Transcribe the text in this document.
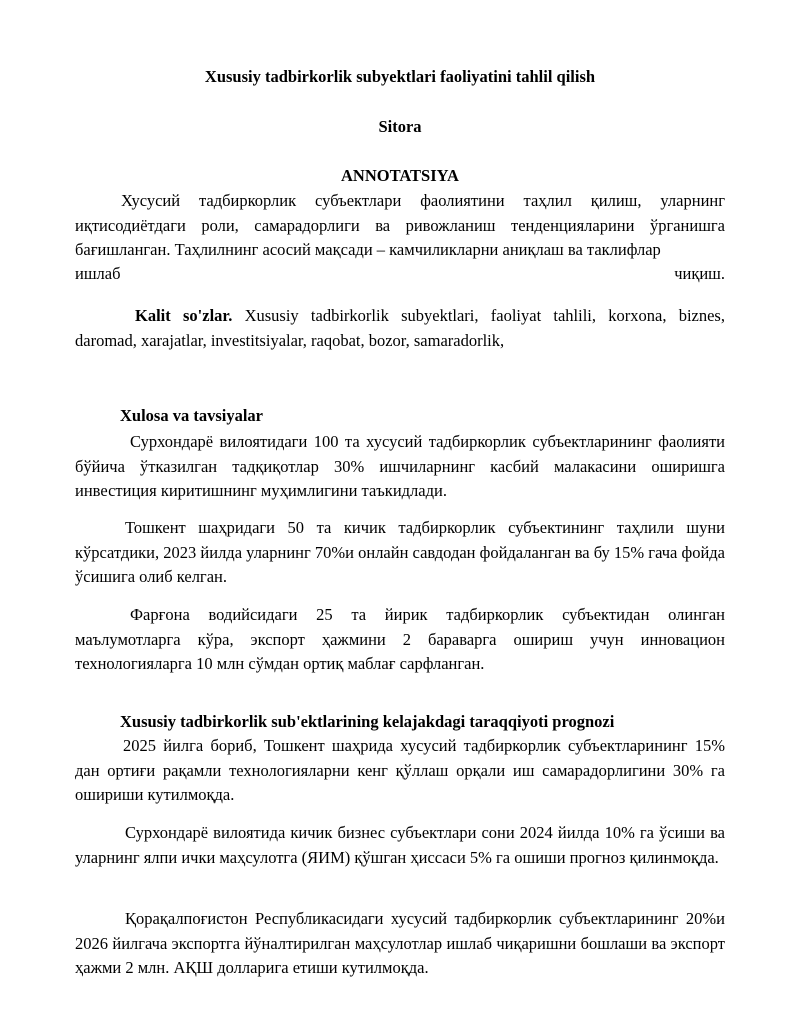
Xususiy tadbirkorlik subyektlari faoliyatini tahlil qilish

Sitora

ANNOTATSIYA

Хусусий тадбиркорлик субъектлари фаолиятини таҳлил қилиш, уларнинг иқтисодиётдаги роли, самарадорлиги ва ривожланиш тенденцияларини ўрганишга бағишланган. Таҳлилнинг асосий мақсади – камчиликларни аниқлаш ва таклифлар

ишлаб	чиқиш.

Kalit so'zlar. Xususiy tadbirkorlik subyektlari, faoliyat tahlili, korxona, biznes, daromad, xarajatlar, investitsiyalar, raqobat, bozor, samaradorlik,

Xulosa va tavsiyalar

Сурхондарё вилоятидаги 100 та хусусий тадбиркорлик субъектларининг фаолияти бўйича ўтказилган тадқиқотлар 30% ишчиларнинг касбий малакасини оширишга инвестиция киритишнинг муҳимлигини таъкидлади.

Тошкент шаҳридаги 50 та кичик тадбиркорлик субъектининг таҳлили шуни кўрсатдики, 2023 йилда уларнинг 70%и онлайн савдодан фойдаланган ва бу 15% гача фойда ўсишига олиб келган.

Фарғона водийсидаги 25 та йирик тадбиркорлик субъектидан олинган маълумотларга кўра, экспорт ҳажмини 2 бараварга ошириш учун инновацион технологияларга 10 млн сўмдан ортиқ маблағ сарфланган.

Xususiy tadbirkorlik sub'ektlarining kelajakdagi taraqqiyoti prognozi

2025 йилга бориб, Тошкент шаҳрида хусусий тадбиркорлик субъектларининг 15% дан ортиғи рақамли технологияларни кенг қўллаш орқали иш самарадорлигини 30% га ошириши кутилмоқда.

Сурхондарё вилоятида кичик бизнес субъектлари сони 2024 йилда 10% га ўсиши ва уларнинг ялпи ички маҳсулотга (ЯИМ) қўшган ҳиссаси 5% га ошиши прогноз қилинмоқда.

Қорақалпоғистон Республикасидаги хусусий тадбиркорлик субъектларининг 20%и 2026 йилгача экспортга йўналтирилган маҳсулотлар ишлаб чиқаришни бошлаши ва экспорт ҳажми 2 млн. АҚШ долларига етиши кутилмоқда.
